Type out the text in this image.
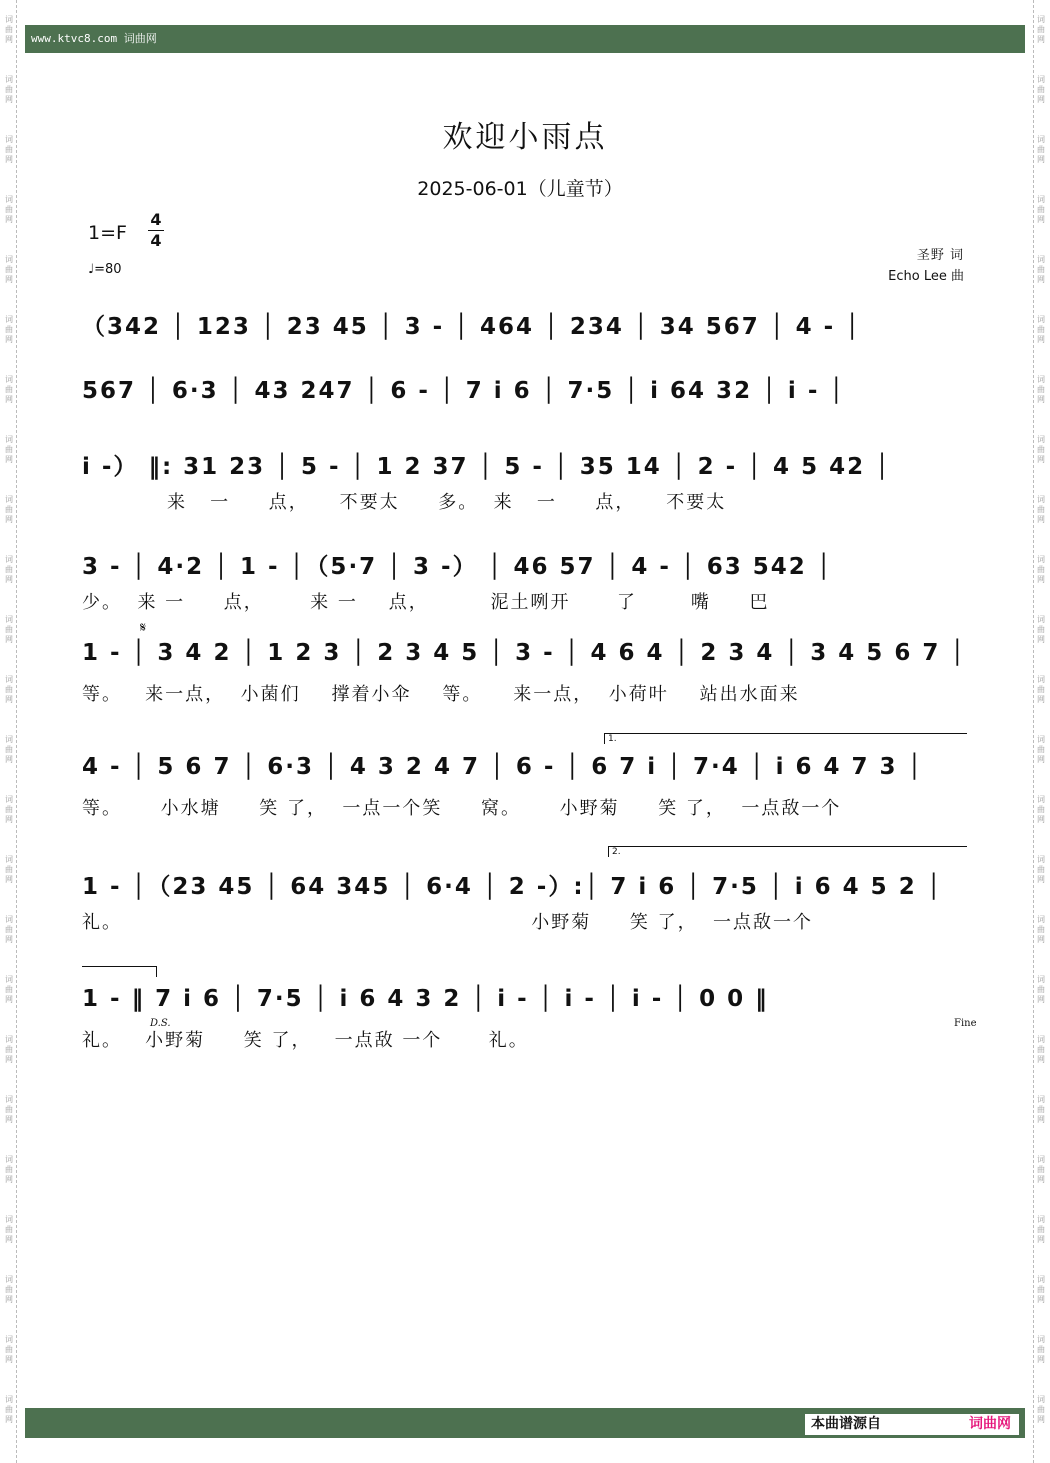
词
曲
网
词
曲
网
词
曲
网
词
曲
网
词
曲
网
词
曲
网
词
曲
网
词
曲
网
词
曲
网
词
曲
网
词
曲
网
词
曲
网
词
曲
网
词
曲
网
词
曲
网
词
曲
网
词
曲
网
词
曲
网
词
曲
网
词
曲
网
词
曲
网
词
曲
网
词
曲
网
词
曲
网
词
曲
网
词
曲
网
词
曲
网
词
曲
网
词
曲
网
词
曲
网
词
曲
网
词
曲
网
词
曲
网
词
曲
网
词
曲
网
词
曲
网
词
曲
网
词
曲
网
词
曲
网
词
曲
网
词
曲
网
词
曲
网
词
曲
网
词
曲
网
词
曲
网
词
曲
网
词
曲
网
词
曲
网
www.ktvc8.com 词曲网
欢迎小雨点
2025-06-01（儿童节）
1=F
4
4
♩=80
圣野 词
Echo Lee 曲
（342 │ 123 │ 23 45 │ 3 - │ 464 │ 234 │ 34 567 │ 4 - │
567 │ 6·3 │ 43 247 │ 6 - │ 7 i 6 │ 7·5 │ i 64 32 │ i - │
i -） ‖: 31 23 │ 5 - │ 1 2 37 │ 5 - │ 35 14 │ 2 - │ 4 5 42 │
来   一     点，    不要太     多。  来   一     点，    不要太
3 - │ 4·2 │ 1 - │（5·7 │ 3 -） │ 46 57 │ 4 - │ 63 542 │
少。  来 一     点，      来 一    点，        泥土咧开      了       嘴     巴
𝄋
1 - │ 3 4 2 │ 1 2 3 │ 2 3 4 5 │ 3 - │ 4 6 4 │ 2 3 4 │ 3 4 5 6 7 │
等。   来一点，  小菌们    撑着小伞    等。    来一点，  小荷叶    站出水面来
1.
4 - │ 5 6 7 │ 6·3 │ 4 3 2 4 7 │ 6 - │ 6 7 i │ 7·4 │ i 6 4 7 3 │
等。     小水塘     笑 了，  一点一个笑     窝。     小野菊     笑 了，  一点敌一个
2.
1 - │（23 45 │ 64 345 │ 6·4 │ 2 -）:│ 7 i 6 │ 7·5 │ i 6 4 5 2 │
礼。                                                     小野菊     笑 了，  一点敌一个
1 - ‖ 7 i 6 │ 7·5 │ i 6 4 3 2 │ i - │ i - │ i - │ 0 0 ‖
D.S.	Fine
礼。   小野菊     笑 了，   一点敌 一个      礼。
本曲谱源自	词曲网
